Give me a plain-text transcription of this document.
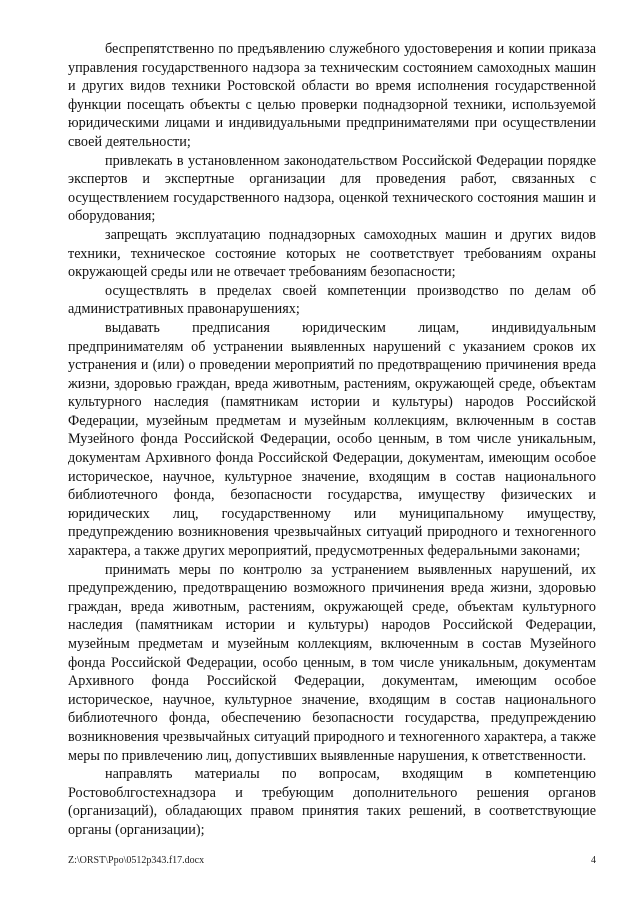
беспрепятственно по предъявлению служебного удостоверения и копии приказа управления государственного надзора за техническим состоянием самоходных машин и других видов техники Ростовской области во время исполнения государственной функции посещать объекты с целью проверки поднадзорной техники, используемой юридическими лицами и индивидуальными предпринимателями при осуществлении своей деятельности;

привлекать в установленном законодательством Российской Федерации порядке экспертов и экспертные организации для проведения работ, связанных с осуществлением государственного надзора, оценкой технического состояния машин и оборудования;

запрещать эксплуатацию поднадзорных самоходных машин и других видов техники, техническое состояние которых не соответствует требованиям охраны окружающей среды или не отвечает требованиям безопасности;

осуществлять в пределах своей компетенции производство по делам об административных правонарушениях;

выдавать предписания юридическим лицам, индивидуальным предпринимателям об устранении выявленных нарушений с указанием сроков их устранения и (или) о проведении мероприятий по предотвращению причинения вреда жизни, здоровью граждан, вреда животным, растениям, окружающей среде, объектам культурного наследия (памятникам истории и культуры) народов Российской Федерации, музейным предметам и музейным коллекциям, включенным в состав Музейного фонда Российской Федерации, особо ценным, в том числе уникальным, документам Архивного фонда Российской Федерации, документам, имеющим особое историческое, научное, культурное значение, входящим в состав национального библиотечного фонда, безопасности государства, имуществу физических и юридических лиц, государственному или муниципальному имуществу, предупреждению возникновения чрезвычайных ситуаций природного и техногенного характера, а также других мероприятий, предусмотренных федеральными законами;

принимать меры по контролю за устранением выявленных нарушений, их предупреждению, предотвращению возможного причинения вреда жизни, здоровью граждан, вреда животным, растениям, окружающей среде, объектам культурного наследия (памятникам истории и культуры) народов Российской Федерации, музейным предметам и музейным коллекциям, включенным в состав Музейного фонда Российской Федерации, особо ценным, в том числе уникальным, документам Архивного фонда Российской Федерации, документам, имеющим особое историческое, научное, культурное значение, входящим в состав национального библиотечного фонда, обеспечению безопасности государства, предупреждению возникновения чрезвычайных ситуаций природного и техногенного характера, а также меры по привлечению лиц, допустивших выявленные нарушения, к ответственности.

направлять материалы по вопросам, входящим в компетенцию Ростовоблгостехнадзора и требующим дополнительного решения органов (организаций), обладающих правом принятия таких решений, в соответствующие органы (организации);

Z:\ORST\Ppo\0512p343.f17.docx	4
